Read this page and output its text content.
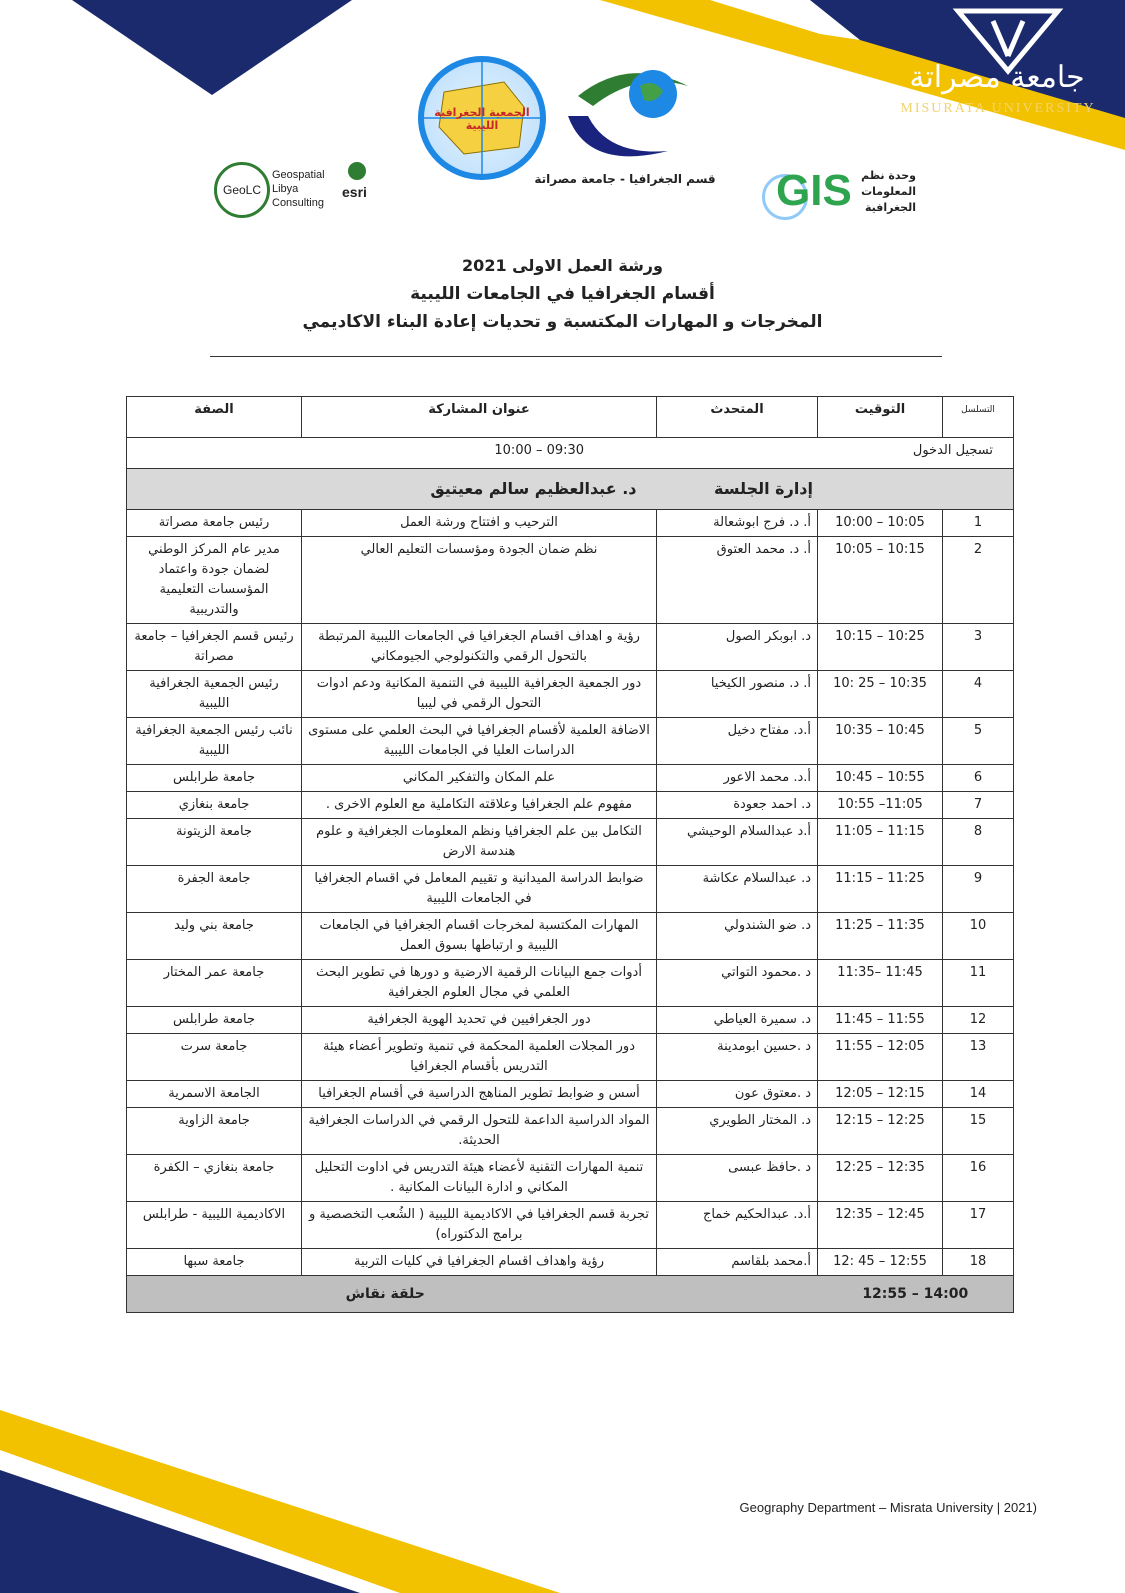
جامعة مصراتة
MISURATA UNIVERSITY
الجمعية الجغرافية الليبية
قسم الجغرافيا - جامعة مصراتة GIS وحدة نظم المعلومات الجغرافية
GeoLC
Geospatial Libya Consulting
esri
ورشة العمل الاولى 2021
أقسام الجغرافيا في الجامعات الليبية
المخرجات و المهارات المكتسبة و تحديات إعادة البناء الاكاديمي
التسلسل	التوقيت	المتحدث	عنوان المشاركة	الصفة
تسجيل الدخول		10:00 – 09:30		
إدارة الجلسة			د. عبدالعظيم سالم معيتيق	
1	10:00 – 10:05	أ. د. فرج ابوشعالة	الترحيب و افتتاح ورشة العمل	رئيس جامعة مصراتة
2	10:05 – 10:15	أ. د. محمد العتوق	نظم ضمان الجودة ومؤسسات التعليم العالي	مدير عام المركز الوطني لضمان جودة واعتماد المؤسسات التعليمية والتدريبية
3	10:15 – 10:25	د. ابوبكر الصول	رؤية و اهداف اقسام الجغرافيا في الجامعات الليبية المرتبطة بالتحول الرقمي والتكنولوجي الجيومكاني	رئيس قسم الجغرافيا – جامعة مصراتة
4	10: 25 – 10:35	أ. د. منصور الكيخيا	دور الجمعية الجغرافية الليبية في التنمية المكانية ودعم ادوات التحول الرقمي في ليبيا	رئيس الجمعية الجغرافية الليبية
5	10:35 – 10:45	أ.د. مفتاح دخيل	الاضافة العلمية لأقسام الجغرافيا في البحث العلمي على مستوى الدراسات العليا في الجامعات الليبية	نائب رئيس الجمعية الجغرافية الليبية
6	10:45 – 10:55	أ.د. محمد الاعور	علم المكان والتفكير المكاني	جامعة طرابلس
7	10:55 –11:05	د. احمد جعودة	مفهوم علم الجغرافيا وعلاقته التكاملية مع العلوم الاخرى .	جامعة بنغازي
8	11:05 – 11:15	أ.د عبدالسلام الوحيشي	التكامل بين علم الجغرافيا ونظم المعلومات الجغرافية و علوم هندسة الارض	جامعة الزيتونة
9	11:15 – 11:25	د. عبدالسلام عكاشة	ضوابط الدراسة الميدانية و تقييم المعامل في اقسام الجغرافيا في الجامعات الليبية	جامعة الجفرة
10	11:25 – 11:35	د. ضو الشندولي	المهارات المكتسبة لمخرجات اقسام الجغرافيا في الجامعات الليبية و ارتباطها بسوق العمل	جامعة بني وليد
11	11:35– 11:45	د .محمود التواتي	أدوات جمع البيانات الرقمية الارضية و دورها في تطوير البحث العلمي في مجال العلوم الجغرافية	جامعة عمر المختار
12	11:45 – 11:55	د. سميرة العياطي	دور الجغرافيين في تحديد الهوية الجغرافية	جامعة طرابلس
13	11:55 – 12:05	د .حسين ابومدينة	دور المجلات العلمية المحكمة في تنمية وتطوير أعضاء هيئة التدريس بأقسام الجغرافيا	جامعة سرت
14	12:05 – 12:15	د .معتوق عون	أسس و ضوابط تطوير المناهج الدراسية في أقسام الجغرافيا	الجامعة الاسمرية
15	12:15 – 12:25	د. المختار الطويري	المواد الدراسية الداعمة للتحول الرقمي في الدراسات الجغرافية الحديثة.	جامعة الزاوية
16	12:25 – 12:35	د .حافظ عبسى	تنمية المهارات التقنية لأعضاء هيئة التدريس في اداوت التحليل المكاني و ادارة البيانات المكانية .	جامعة بنغازي – الكفرة
17	12:35 – 12:45	أ.د. عبدالحكيم خماج	تجربة قسم الجغرافيا في الاكاديمية الليبية ( الشُعب التخصصية و برامج الدكتوراه)	الاكاديمية الليبية - طرابلس
18	12: 45 – 12:55	أ.محمد بلقاسم	رؤية واهداف اقسام الجغرافيا في كليات التربية	جامعة سبها
12:55 – 14:00		حلقة نقاش		
Geography Department – Misrata University | 2021)
